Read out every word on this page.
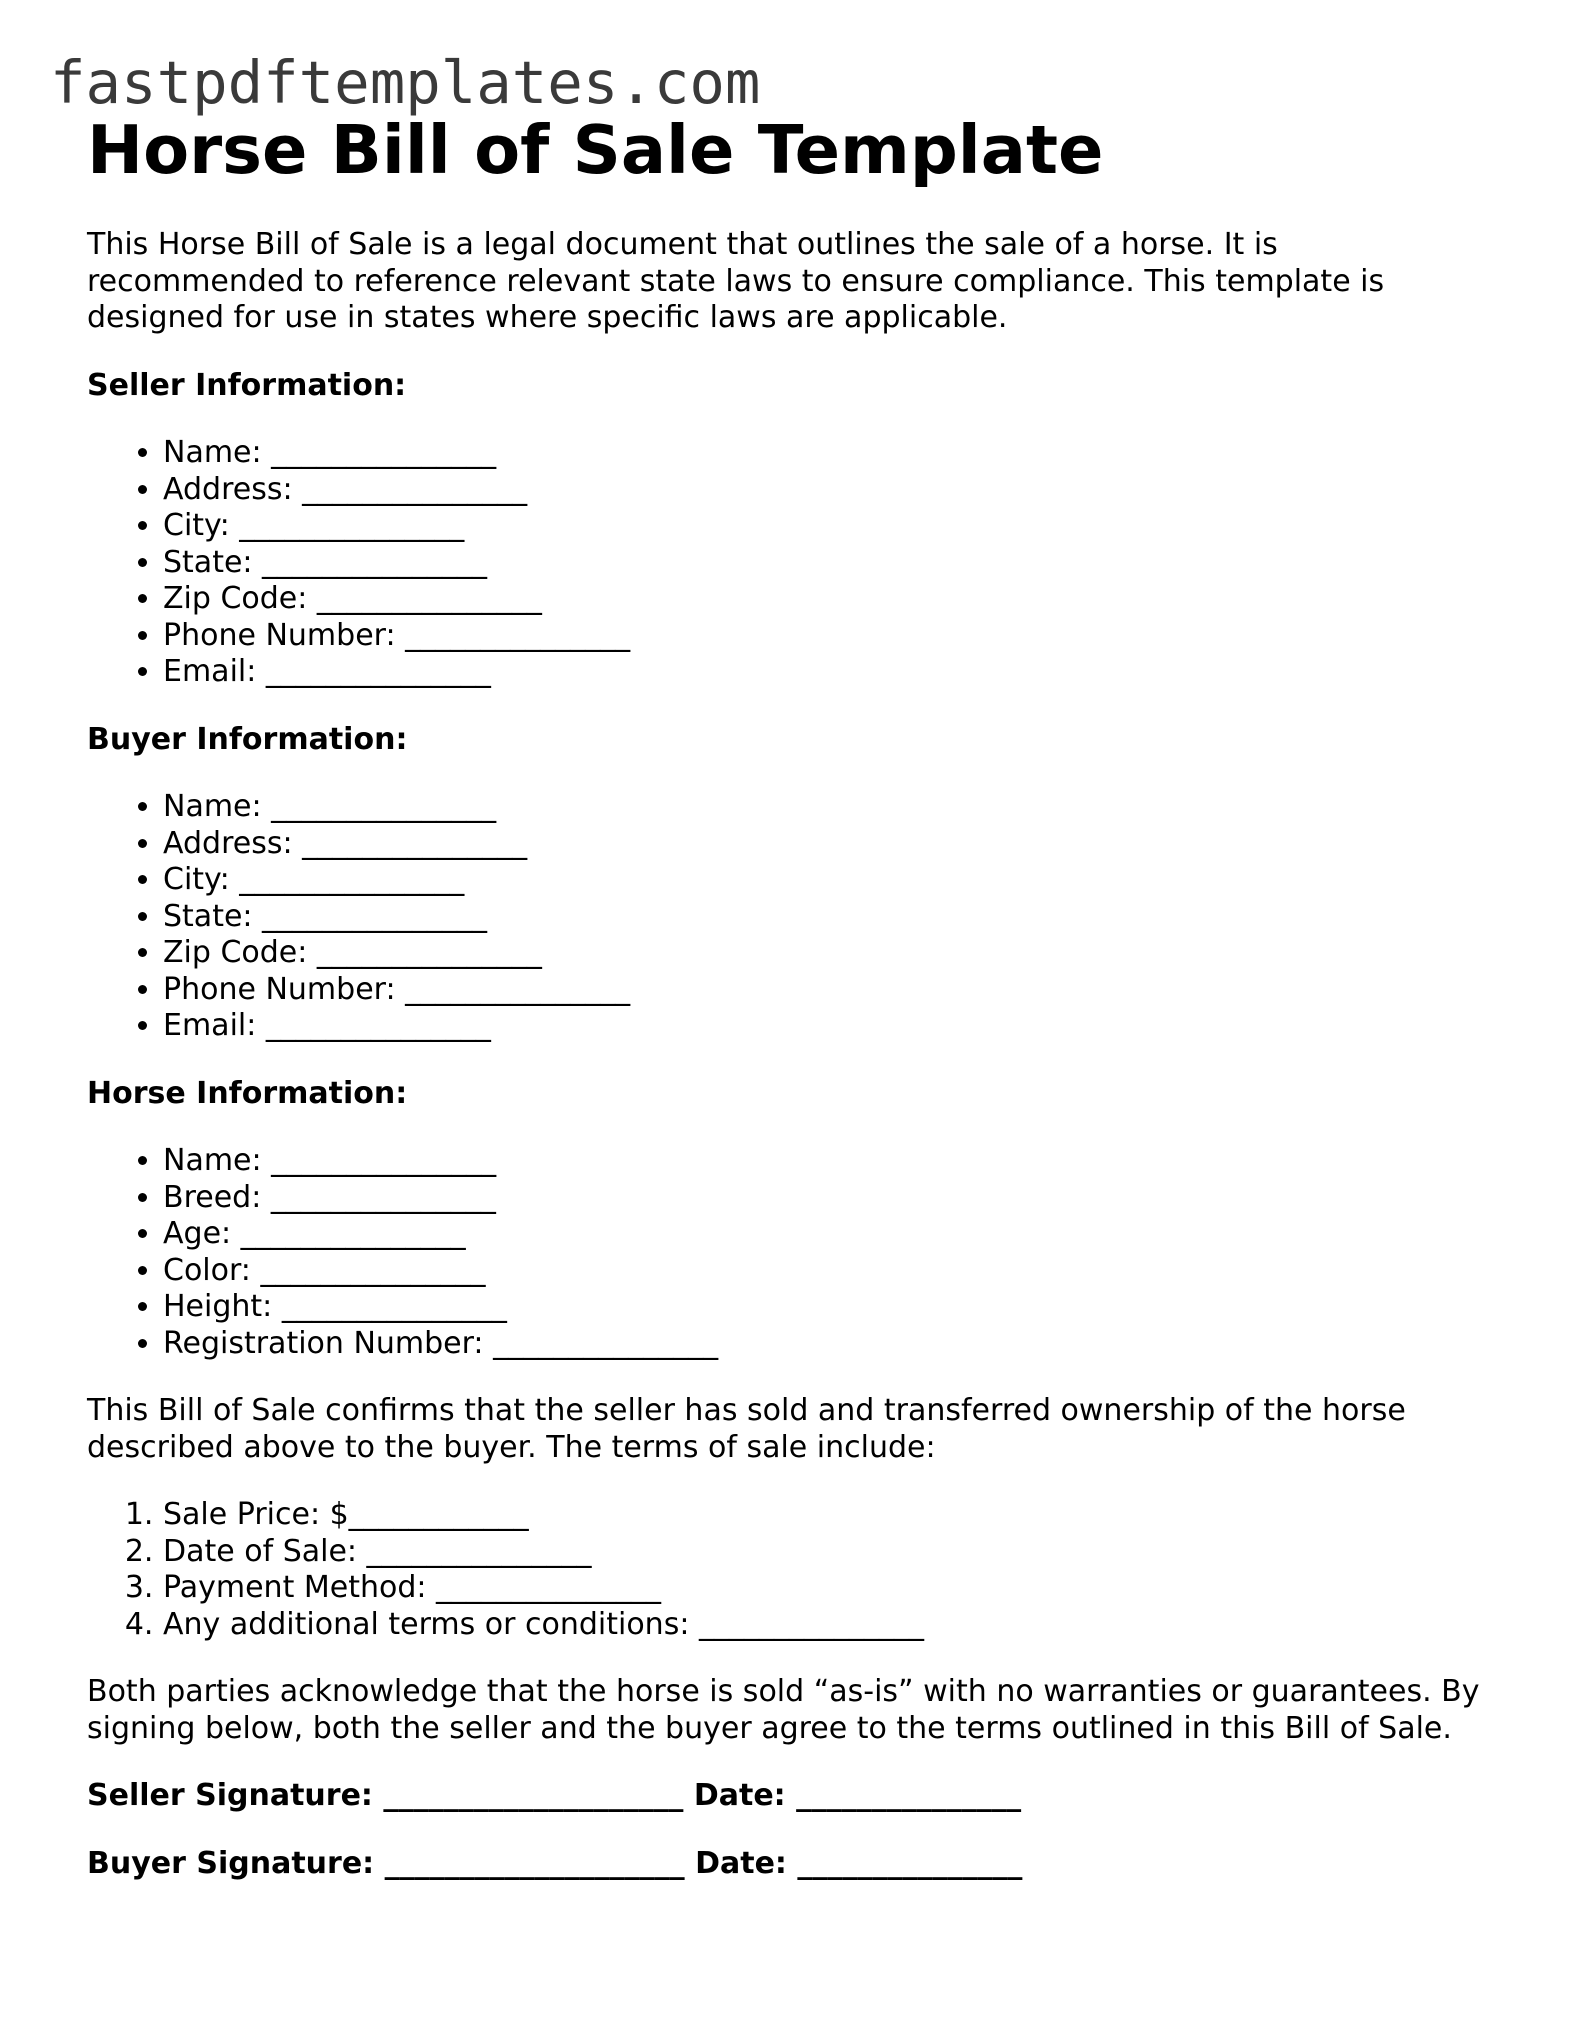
fastpdftemplates.com
Horse Bill of Sale Template

This Horse Bill of Sale is a legal document that outlines the sale of a horse. It is recommended to reference relevant state laws to ensure compliance. This template is designed for use in states where specific laws are applicable.

Seller Information:

• Name: _______________
• Address: _______________
• City: _______________
• State: _______________
• Zip Code: _______________
• Phone Number: _______________
• Email: _______________

Buyer Information:

• Name: _______________
• Address: _______________
• City: _______________
• State: _______________
• Zip Code: _______________
• Phone Number: _______________
• Email: _______________

Horse Information:

• Name: _______________
• Breed: _______________
• Age: _______________
• Color: _______________
• Height: _______________
• Registration Number: _______________

This Bill of Sale confirms that the seller has sold and transferred ownership of the horse described above to the buyer. The terms of sale include:

1. Sale Price: $____________
2. Date of Sale: _______________
3. Payment Method: _______________
4. Any additional terms or conditions: _______________

Both parties acknowledge that the horse is sold “as-is” with no warranties or guarantees. By signing below, both the seller and the buyer agree to the terms outlined in this Bill of Sale.

Seller Signature: ____________________ Date: _______________

Buyer Signature: ____________________ Date: _______________
